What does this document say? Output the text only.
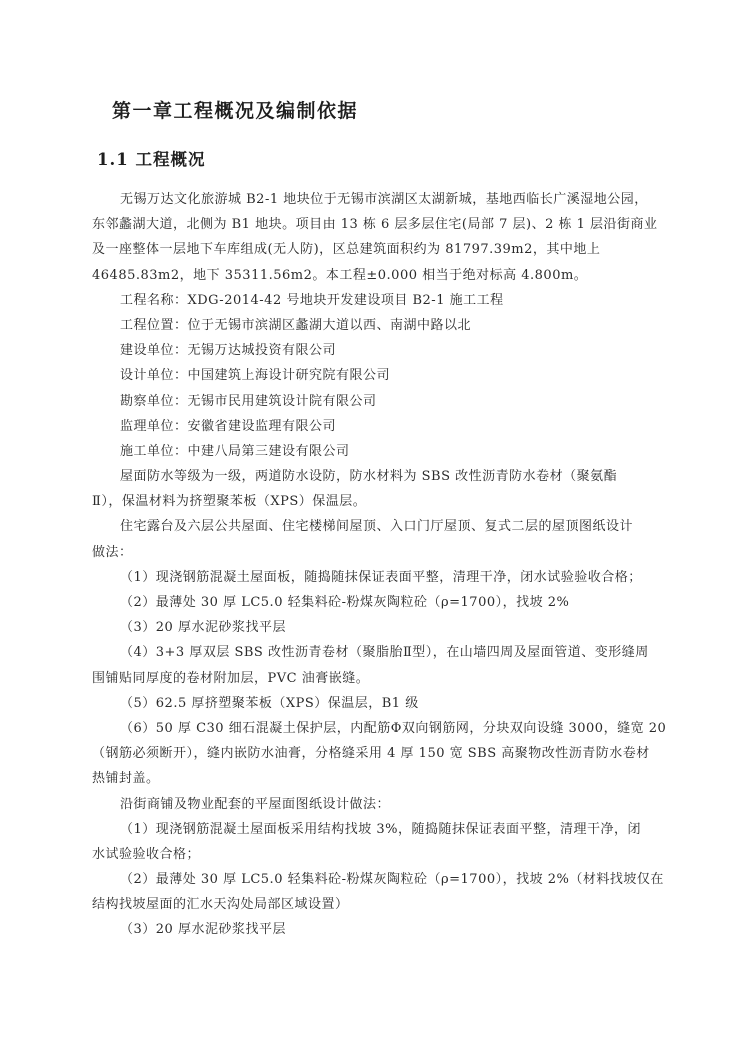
第一章工程概况及编制依据
1.1 工程概况
无锡万达文化旅游城 B2-1 地块位于无锡市滨湖区太湖新城，基地西临长广溪湿地公园，
东邻蠡湖大道，北侧为 B1 地块。项目由 13 栋 6 层多层住宅(局部 7 层)、2 栋 1 层沿街商业
及一座整体一层地下车库组成(无人防)，区总建筑面积约为 81797.39m2，其中地上
46485.83m2，地下 35311.56m2。本工程±0.000 相当于绝对标高 4.800m。
工程名称：XDG-2014-42 号地块开发建设项目 B2-1 施工工程
工程位置：位于无锡市滨湖区蠡湖大道以西、南湖中路以北
建设单位：无锡万达城投资有限公司
设计单位：中国建筑上海设计研究院有限公司
勘察单位：无锡市民用建筑设计院有限公司
监理单位：安徽省建设监理有限公司
施工单位：中建八局第三建设有限公司
屋面防水等级为一级，两道防水设防，防水材料为 SBS 改性沥青防水卷材（聚氨酯
Ⅱ），保温材料为挤塑聚苯板（XPS）保温层。
住宅露台及六层公共屋面、住宅楼梯间屋顶、入口门厅屋顶、复式二层的屋顶图纸设计
做法：
（1）现浇钢筋混凝土屋面板，随捣随抹保证表面平整，清理干净，闭水试验验收合格；
（2）最薄处 30 厚 LC5.0 轻集料砼-粉煤灰陶粒砼（ρ=1700），找坡 2%
（3）20 厚水泥砂浆找平层
（4）3+3 厚双层 SBS 改性沥青卷材（聚脂胎Ⅱ型），在山墙四周及屋面管道、变形缝周
围铺贴同厚度的卷材附加层，PVC 油膏嵌缝。
（5）62.5 厚挤塑聚苯板（XPS）保温层，B1 级
（6）50 厚 C30 细石混凝土保护层，内配筋Φ双向钢筋网，分块双向设缝 3000，缝宽 20
（钢筋必须断开），缝内嵌防水油膏，分格缝采用 4 厚 150 宽 SBS 高聚物改性沥青防水卷材
热铺封盖。
沿街商铺及物业配套的平屋面图纸设计做法：
（1）现浇钢筋混凝土屋面板采用结构找坡 3%，随捣随抹保证表面平整，清理干净，闭
水试验验收合格；
（2）最薄处 30 厚 LC5.0 轻集料砼-粉煤灰陶粒砼（ρ=1700），找坡 2%（材料找坡仅在
结构找坡屋面的汇水天沟处局部区域设置）
（3）20 厚水泥砂浆找平层
